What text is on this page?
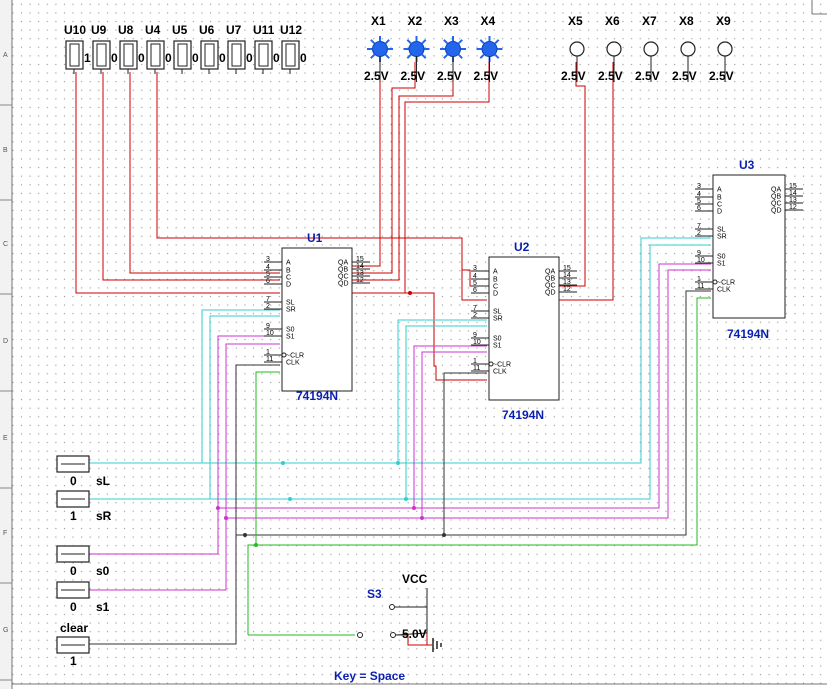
A
B
C
D
E
F
G
U10
1
U9
0
U8
0
U4
0
U5
0
U6
0
U7
0
U11
0
U12
0
X1
2.5V
X2
2.5V
X3
2.5V
X4
2.5V
X5
2.5V
X6
2.5V
X7
2.5V
X8
2.5V
X9
2.5V
U1
3 A
4 B
5 C
6 D
7 SL
2 SR
9 S0
10 S1
1 ~CLR
11 CLK
15
QA 14
QB 13
QC 12
QD
74194N
U2
3 A
4 B
5 C
6 D
7 SL
2 SR
9 S0
10 S1
1 ~CLR
11 CLK
15
QA 14
QB 13
QC 12
QD
74194N
U3
3 A
4 B
5 C
6 D
7 SL
2 SR
9 S0
10 S1
1 ~CLR
11 CLK
15
QA 14
QB 13
QC 12
QD
74194N
0 sL
1 sR
0 s0
0 s1
clear
1
S3
VCC
5.0V
Key = Space
